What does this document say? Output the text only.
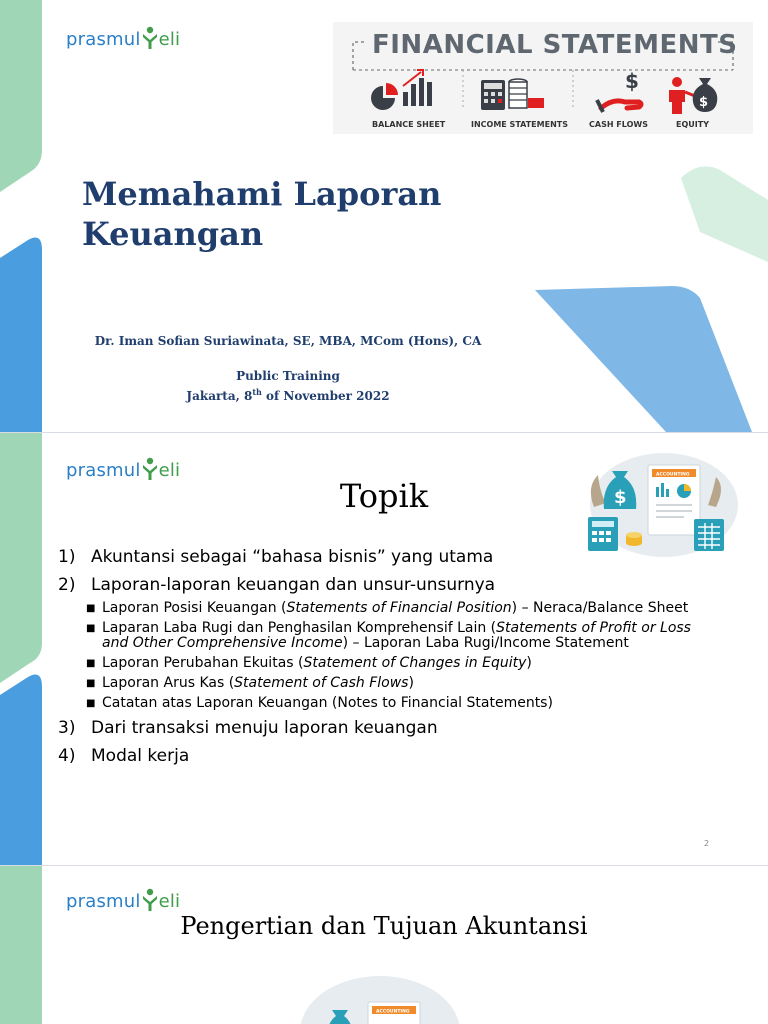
prasmul eli
$
$
FINANCIAL STATEMENTS
BALANCE SHEET	INCOME STATEMENTS	CASH FLOWS	EQUITY
Memahami Laporan
Keuangan
Dr. Iman Sofian Suriawinata, SE, MBA, MCom (Hons), CA
Public Training
Jakarta, 8th of November 2022
prasmul eli
Topik	$
ACCOUNTING
1) Akuntansi sebagai “bahasa bisnis” yang utama
2) Laporan-laporan keuangan dan unsur-unsurnya
■ Laporan Posisi Keuangan (Statements of Financial Position) – Neraca/Balance Sheet
■ Laparan Laba Rugi dan Penghasilan Komprehensif Lain (Statements of Profit or Loss and Other Comprehensive Income) – Laporan Laba Rugi/Income Statement
■ Laporan Perubahan Ekuitas (Statement of Changes in Equity)
■ Laporan Arus Kas (Statement of Cash Flows)
■ Catatan atas Laporan Keuangan (Notes to Financial Statements)
3) Dari transaksi menuju laporan keuangan
4) Modal kerja
2
prasmul eli
Pengertian dan Tujuan Akuntansi
ACCOUNTING
